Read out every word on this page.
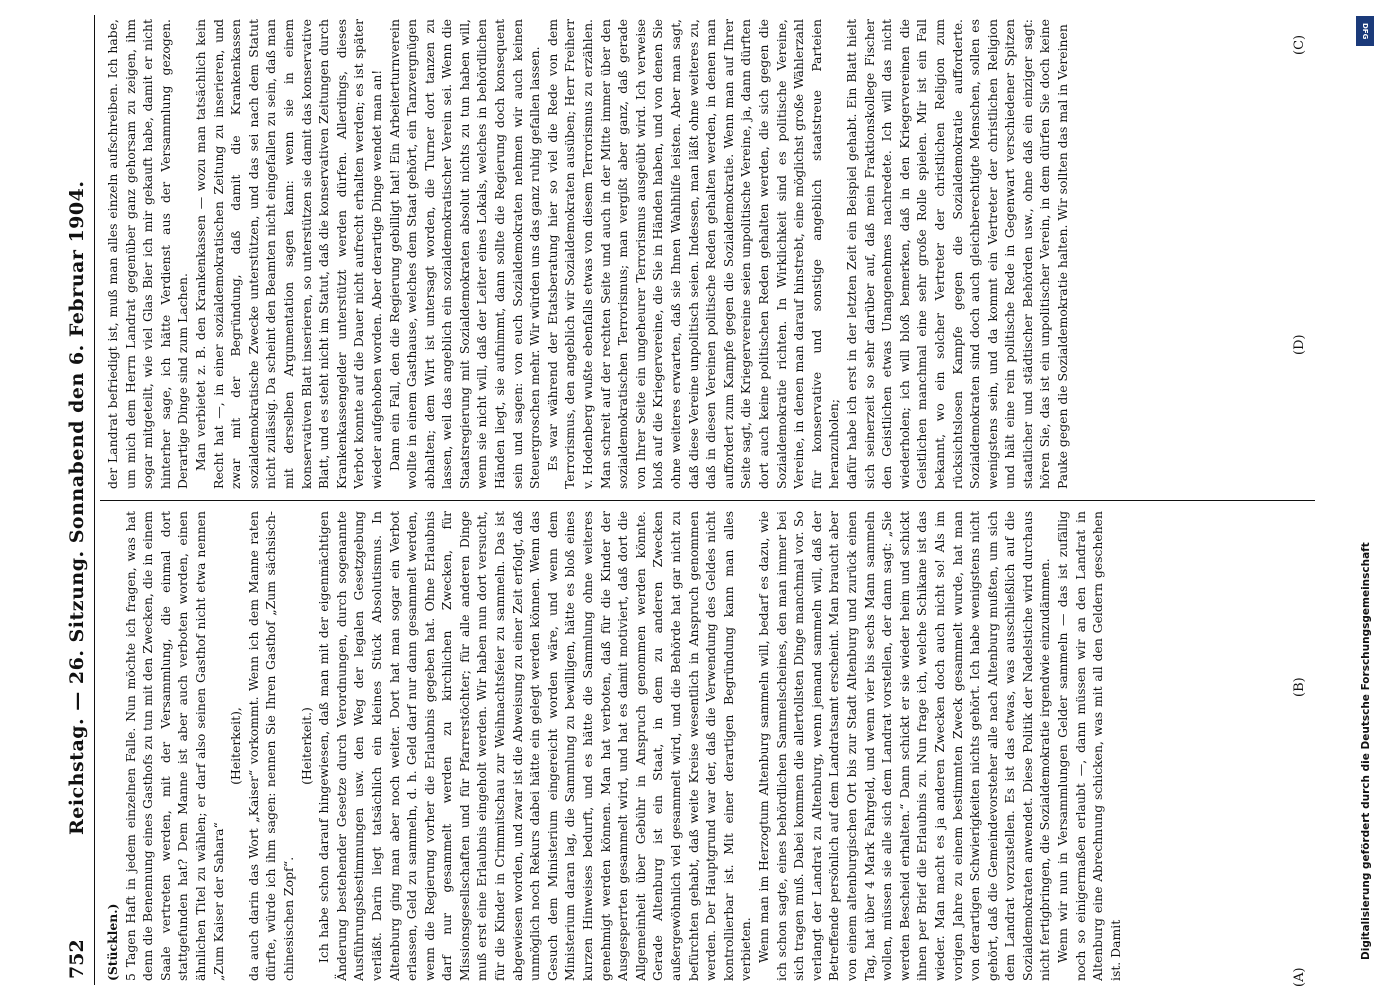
752
Reichstag. — 26. Sitzung. Sonnabend den 6. Februar 1904.

(Stücklen.) 5 Tagen Haft in jedem einzelnen Falle. Nun möchte ich fragen, was hat denn die Benennung eines Gasthofs zu tun mit den Zwecken, die in einem Saale vertreten werden, mit der Versammlung, die einmal dort stattgefunden hat? Dem Manne ist aber auch verboten worden, einen ähnlichen Titel zu wählen; er darf also seinen Gasthof nicht etwa nennen „Zum Kaiser der Sahara“

(Heiterkeit), da auch darin das Wort „Kaiser“ vorkommt. Wenn ich dem Manne raten dürfte, würde ich ihm sagen: nennen Sie Ihren Gasthof „Zum sächsisch-chinesischen Zopf“.

(Heiterkeit.) Ich habe schon darauf hingewiesen, daß man mit der eigenmächtigen Änderung bestehender Gesetze durch Verordnungen, durch sogenannte Ausführungsbestimmungen usw. den Weg der legalen Gesetzgebung verläßt. Darin liegt tatsächlich ein kleines Stück Absolutismus. In Altenburg ging man aber noch weiter. Dort hat man sogar ein Verbot erlassen, Geld zu sammeln, d. h. Geld darf nur dann gesammelt werden, wenn die Regierung vorher die Erlaubnis gegeben hat. Ohne Erlaubnis darf nur gesammelt werden zu kirchlichen Zwecken, für Missionsgesellschaften und für Pfarrerstöchter; für alle anderen Dinge muß erst eine Erlaubnis eingeholt werden. Wir haben nun dort versucht, für die Kinder in Crimmitschau zur Weihnachtsfeier zu sammeln. Das ist abgewiesen worden, und zwar ist die Abweisung zu einer Zeit erfolgt, daß unmöglich noch Rekurs dabei hätte ein gelegt werden können. Wenn das Gesuch dem Ministerium eingereicht worden wäre, und wenn dem Ministerium daran lag, die Sammlung zu bewilligen, hätte es bloß eines kurzen Hinweises bedurft, und es hätte die Sammlung ohne weiteres genehmigt werden können. Man hat verboten, daß für die Kinder der Ausgesperrten gesammelt wird, und hat es damit motiviert, daß dort die Allgemeinheit über Gebühr in Anspruch genommen werden könnte. Gerade Altenburg ist ein Staat, in dem zu anderen Zwecken außergewöhnlich viel gesammelt wird, und die Behörde hat gar nicht zu befürchten gehabt, daß weite Kreise wesentlich in Anspruch genommen werden. Der Hauptgrund war der, daß die Verwendung des Geldes nicht kontrollierbar ist. Mit einer derartigen Begründung kann man alles verbieten. Wenn man im Herzogtum Altenburg sammeln will, bedarf es dazu, wie ich schon sagte, eines behördlichen Sammelscheines, den man immer bei sich tragen muß. Dabei kommen die allertollsten Dinge manchmal vor. So verlangt der Landrat zu Altenburg, wenn jemand sammeln will, daß der Betreffende persönlich auf dem Landratsamt erscheint. Man braucht aber von einem altenburgischen Ort bis zur Stadt Altenburg und zurück einen Tag, hat über 4 Mark Fahrgeld, und wenn vier bis sechs Mann sammeln wollen, müssen sie alle sich dem Landrat vorstellen, der dann sagt: „Sie werden Bescheid erhalten.“ Dann schickt er sie wieder heim und schickt ihnen per Brief die Erlaubnis zu. Nun frage ich, welche Schikane ist das wieder. Man macht es ja anderen Zwecken doch auch nicht so! Als im vorigen Jahre zu einem bestimmten Zweck gesammelt wurde, hat man von derartigen Schwierigkeiten nichts gehört. Ich habe wenigstens nicht gehört, daß die Gemeindevorsteher alle nach Altenburg mußten, um sich dem Landrat vorzustellen. Es ist das etwas, was ausschließlich auf die Sozialdemokraten anwendet. Diese Politik der Nadelstiche wird durchaus nicht fertigbringen, die Sozialdemokratie irgendwie einzudämmen. Wenn wir nun in Versammlungen Gelder sammeln — das ist zufällig noch so einigermaßen erlaubt —, dann müssen wir an den Landrat in Altenburg eine Abrechnung schicken, was mit all den Geldern geschehen ist. Damit

der Landrat befriedigt ist, muß man alles einzeln aufschreiben. Ich habe, um mich dem Herrn Landrat gegenüber ganz gehorsam zu zeigen, ihm sogar mitgeteilt, wie viel Glas Bier ich mir gekauft habe, damit er nicht hinterher sage, ich hätte Verdienst aus der Versammlung gezogen. Derartige Dinge sind zum Lachen. Man verbietet z. B. den Krankenkassen — wozu man tatsächlich kein Recht hat —, in einer sozialdemokratischen Zeitung zu inserieren, und zwar mit der Begründung, daß damit die Krankenkassen sozialdemokratische Zwecke unterstützen, und das sei nach dem Statut nicht zulässig. Da scheint den Beamten nicht eingefallen zu sein, daß man mit derselben Argumentation sagen kann: wenn sie in einem konservativen Blatt inserieren, so unterstützen sie damit das konservative Blatt, und es steht nicht im Statut, daß die konservativen Zeitungen durch Krankenkassengelder unterstützt werden dürfen. Allerdings, dieses Verbot konnte auf die Dauer nicht aufrecht erhalten werden; es ist später wieder aufgehoben worden. Aber derartige Dinge wendet man an! Dann ein Fall, den die Regierung gebilligt hat! Ein Arbeiterturnverein wollte in einem Gasthause, welches dem Staat gehört, ein Tanzvergnügen abhalten; dem Wirt ist untersagt worden, die Turner dort tanzen zu lassen, weil das angeblich ein sozialdemokratischer Verein sei. Wenn die Staatsregierung mit Sozialdemokraten absolut nichts zu tun haben will, wenn sie nicht will, daß der Leiter eines Lokals, welches in behördlichen Händen liegt, sie aufnimmt, dann sollte die Regierung doch konsequent sein und sagen: von euch Sozialdemokraten nehmen wir auch keinen Steuergroschen mehr. Wir würden uns das ganz ruhig gefallen lassen. Es war während der Etatsberatung hier so viel die Rede von dem Terrorismus, den angeblich wir Sozialdemokraten ausüben; Herr Freiherr v. Hodenberg wußte ebenfalls etwas von diesem Terrorismus zu erzählen. Man schreit auf der rechten Seite und auch in der Mitte immer über den sozialdemokratischen Terrorismus; man vergißt aber ganz, daß gerade von Ihrer Seite ein ungeheurer Terrorismus ausgeübt wird. Ich verweise bloß auf die Kriegervereine, die Sie in Händen haben, und von denen Sie ohne weiteres erwarten, daß sie Ihnen Wahlhilfe leisten. Aber man sagt, daß diese Vereine unpolitisch seien. Indessen, man läßt ohne weiteres zu, daß in diesen Vereinen politische Reden gehalten werden, in denen man auffordert zum Kampfe gegen die Sozialdemokratie. Wenn man auf Ihrer Seite sagt, die Kriegervereine seien unpolitische Vereine, ja, dann dürften dort auch keine politischen Reden gehalten werden, die sich gegen die Sozialdemokratie richten. In Wirklichkeit sind es politische Vereine, Vereine, in denen man darauf hinstrebt, eine möglichst große Wählerzahl für konservative und sonstige angeblich staatstreue Parteien heranzuholen; dafür habe ich erst in der letzten Zeit ein Beispiel gehabt. Ein Blatt hielt sich seinerzeit so sehr darüber auf, daß mein Fraktionskollege Fischer den Geistlichen etwas Unangenehmes nachredete. Ich will das nicht wiederholen; ich will bloß bemerken, daß in den Kriegervereinen die Geistlichen manchmal eine sehr große Rolle spielen. Mir ist ein Fall bekannt, wo ein solcher Vertreter der christlichen Religion zum rücksichtslosen Kampfe gegen die Sozialdemokratie aufforderte. Sozialdemokraten sind doch auch gleichberechtigte Menschen, sollen es wenigstens sein, und da kommt ein Vertreter der christlichen Religion und hält eine rein politische Rede in Gegenwart verschiedener Spitzen staatlicher und städtischer Behörden usw., ohne daß ein einziger sagt: hören Sie, das ist ein unpolitischer Verein, in dem dürfen Sie doch keine Pauke gegen die Sozialdemokratie halten. Wir sollten das mal in Vereinen

(A)
(B)
(C)
(D)
DFG
Digitalisierung gefördert durch die Deutsche Forschungsgemeinschaft
